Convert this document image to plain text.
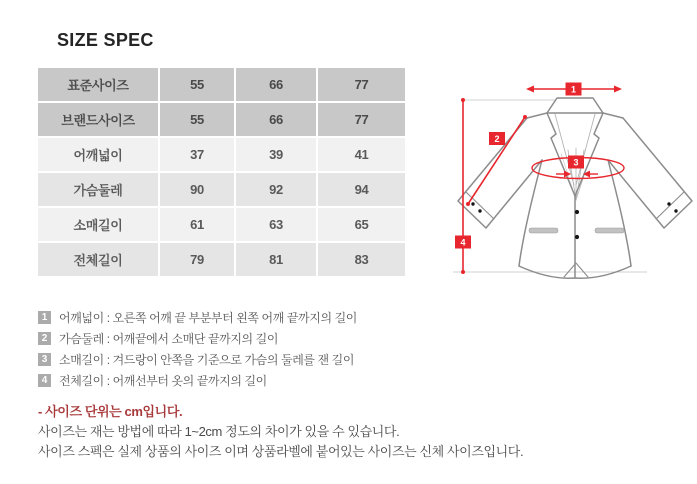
SIZE SPEC
표준사이즈	55	66	77
브랜드사이즈	55	66	77
어깨넓이	37	39	41
가슴둘레	90	92	94
소매길이	61	63	65
전체길이	79	81	83
1
2
3
4
1 어깨넓이 : 오른쪽 어깨 끝 부분부터 왼쪽 어깨 끝까지의 길이
2 가슴둘레 : 어깨끝에서 소매단 끝까지의 길이
3 소매길이 : 겨드랑이 안쪽을 기준으로 가슴의 둘레를 잰 길이
4 전체길이 : 어깨선부터 옷의 끝까지의 길이
- 사이즈 단위는 cm입니다.
사이즈는 재는 방법에 따라 1~2cm 정도의 차이가 있을 수 있습니다.
사이즈 스펙은 실제 상품의 사이즈 이며 상품라벨에 붙어있는 사이즈는 신체 사이즈입니다.
